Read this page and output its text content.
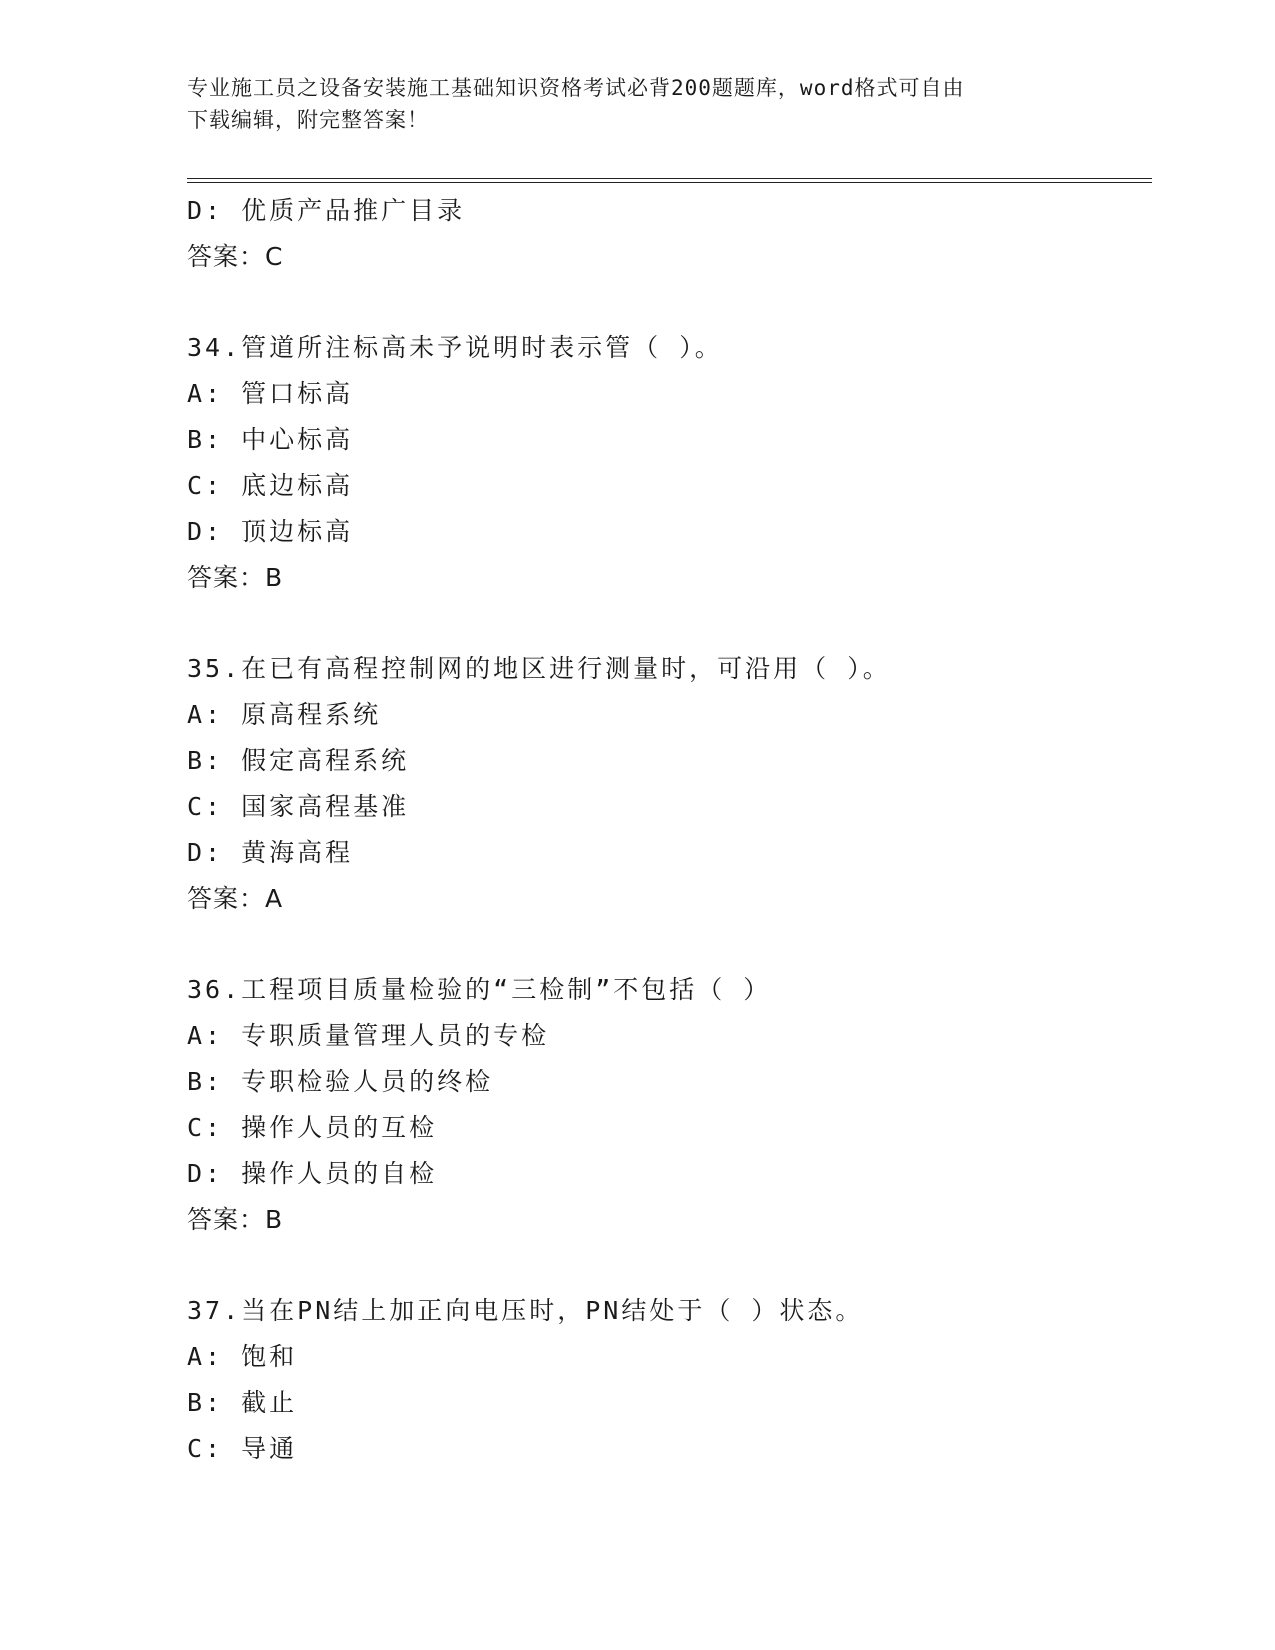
专业施工员之设备安装施工基础知识资格考试必背200题题库，word格式可自由
下载编辑，附完整答案！
D: 优质产品推广目录
答案：C
34.管道所注标高未予说明时表示管（ ）。
A: 管口标高
B: 中心标高
C: 底边标高
D: 顶边标高
答案：B
35.在已有高程控制网的地区进行测量时，可沿用（ ）。
A: 原高程系统
B: 假定高程系统
C: 国家高程基准
D: 黄海高程
答案：A
36.工程项目质量检验的“三检制”不包括（ ）
A: 专职质量管理人员的专检
B: 专职检验人员的终检
C: 操作人员的互检
D: 操作人员的自检
答案：B
37.当在PN结上加正向电压时，PN结处于（ ）状态。
A: 饱和
B: 截止
C: 导通
